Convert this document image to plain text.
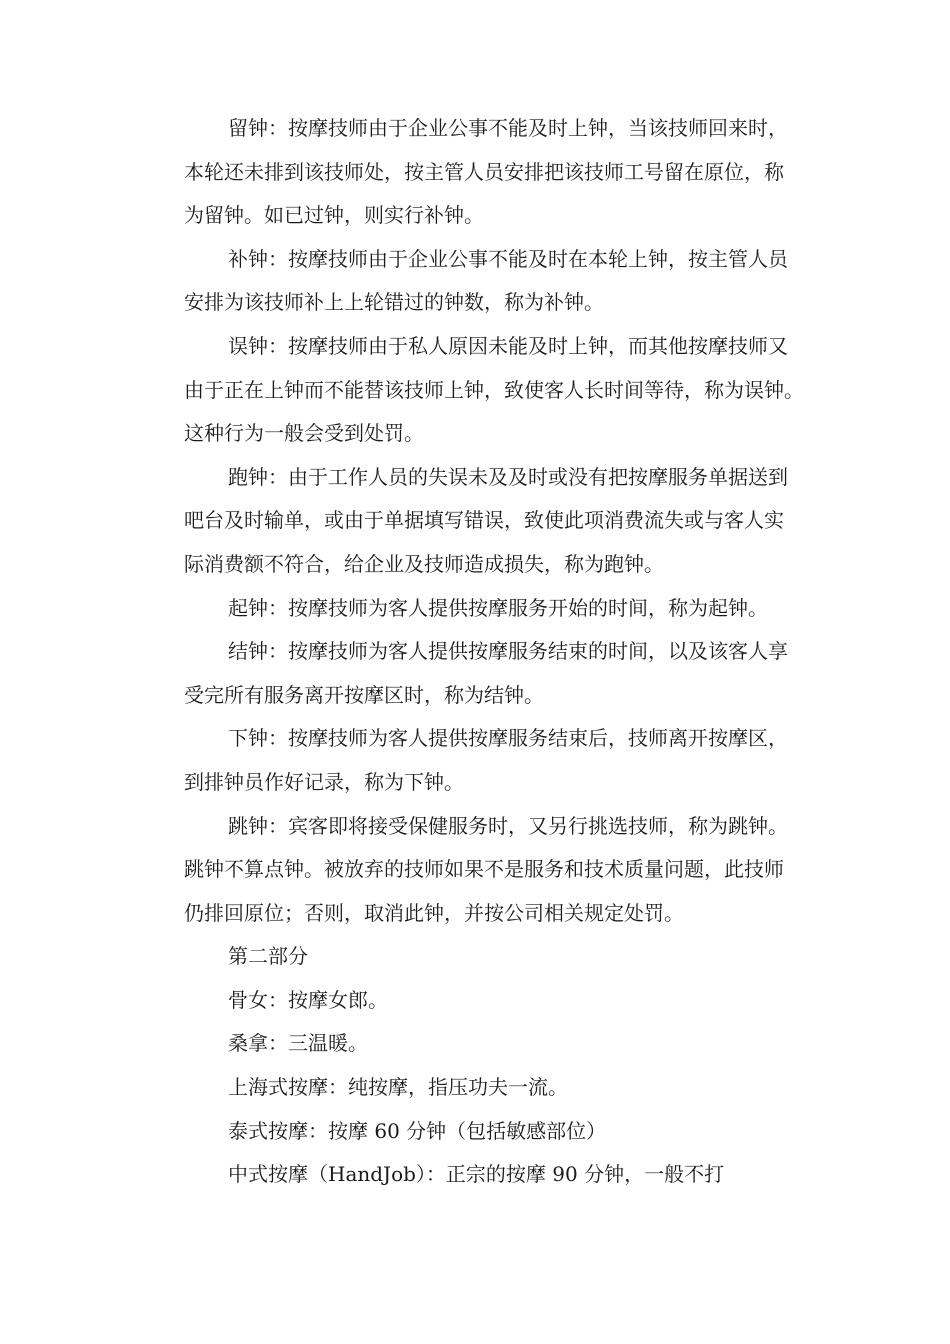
留钟：按摩技师由于企业公事不能及时上钟，当该技师回来时，
本轮还未排到该技师处，按主管人员安排把该技师工号留在原位，称
为留钟。如已过钟，则实行补钟。
补钟：按摩技师由于企业公事不能及时在本轮上钟，按主管人员
安排为该技师补上上轮错过的钟数，称为补钟。
误钟：按摩技师由于私人原因未能及时上钟，而其他按摩技师又
由于正在上钟而不能替该技师上钟，致使客人长时间等待，称为误钟。
这种行为一般会受到处罚。
跑钟：由于工作人员的失误未及及时或没有把按摩服务单据送到
吧台及时输单，或由于单据填写错误，致使此项消费流失或与客人实
际消费额不符合，给企业及技师造成损失，称为跑钟。
起钟：按摩技师为客人提供按摩服务开始的时间，称为起钟。
结钟：按摩技师为客人提供按摩服务结束的时间，以及该客人享
受完所有服务离开按摩区时，称为结钟。
下钟：按摩技师为客人提供按摩服务结束后，技师离开按摩区，
到排钟员作好记录，称为下钟。
跳钟：宾客即将接受保健服务时，又另行挑选技师，称为跳钟。
跳钟不算点钟。被放弃的技师如果不是服务和技术质量问题，此技师
仍排回原位；否则，取消此钟，并按公司相关规定处罚。
第二部分
骨女：按摩女郎。
桑拿：三温暖。
上海式按摩：纯按摩，指压功夫一流。
泰式按摩：按摩 60 分钟（包括敏感部位）
中式按摩（HandJob）：正宗的按摩 90 分钟，一般不打
